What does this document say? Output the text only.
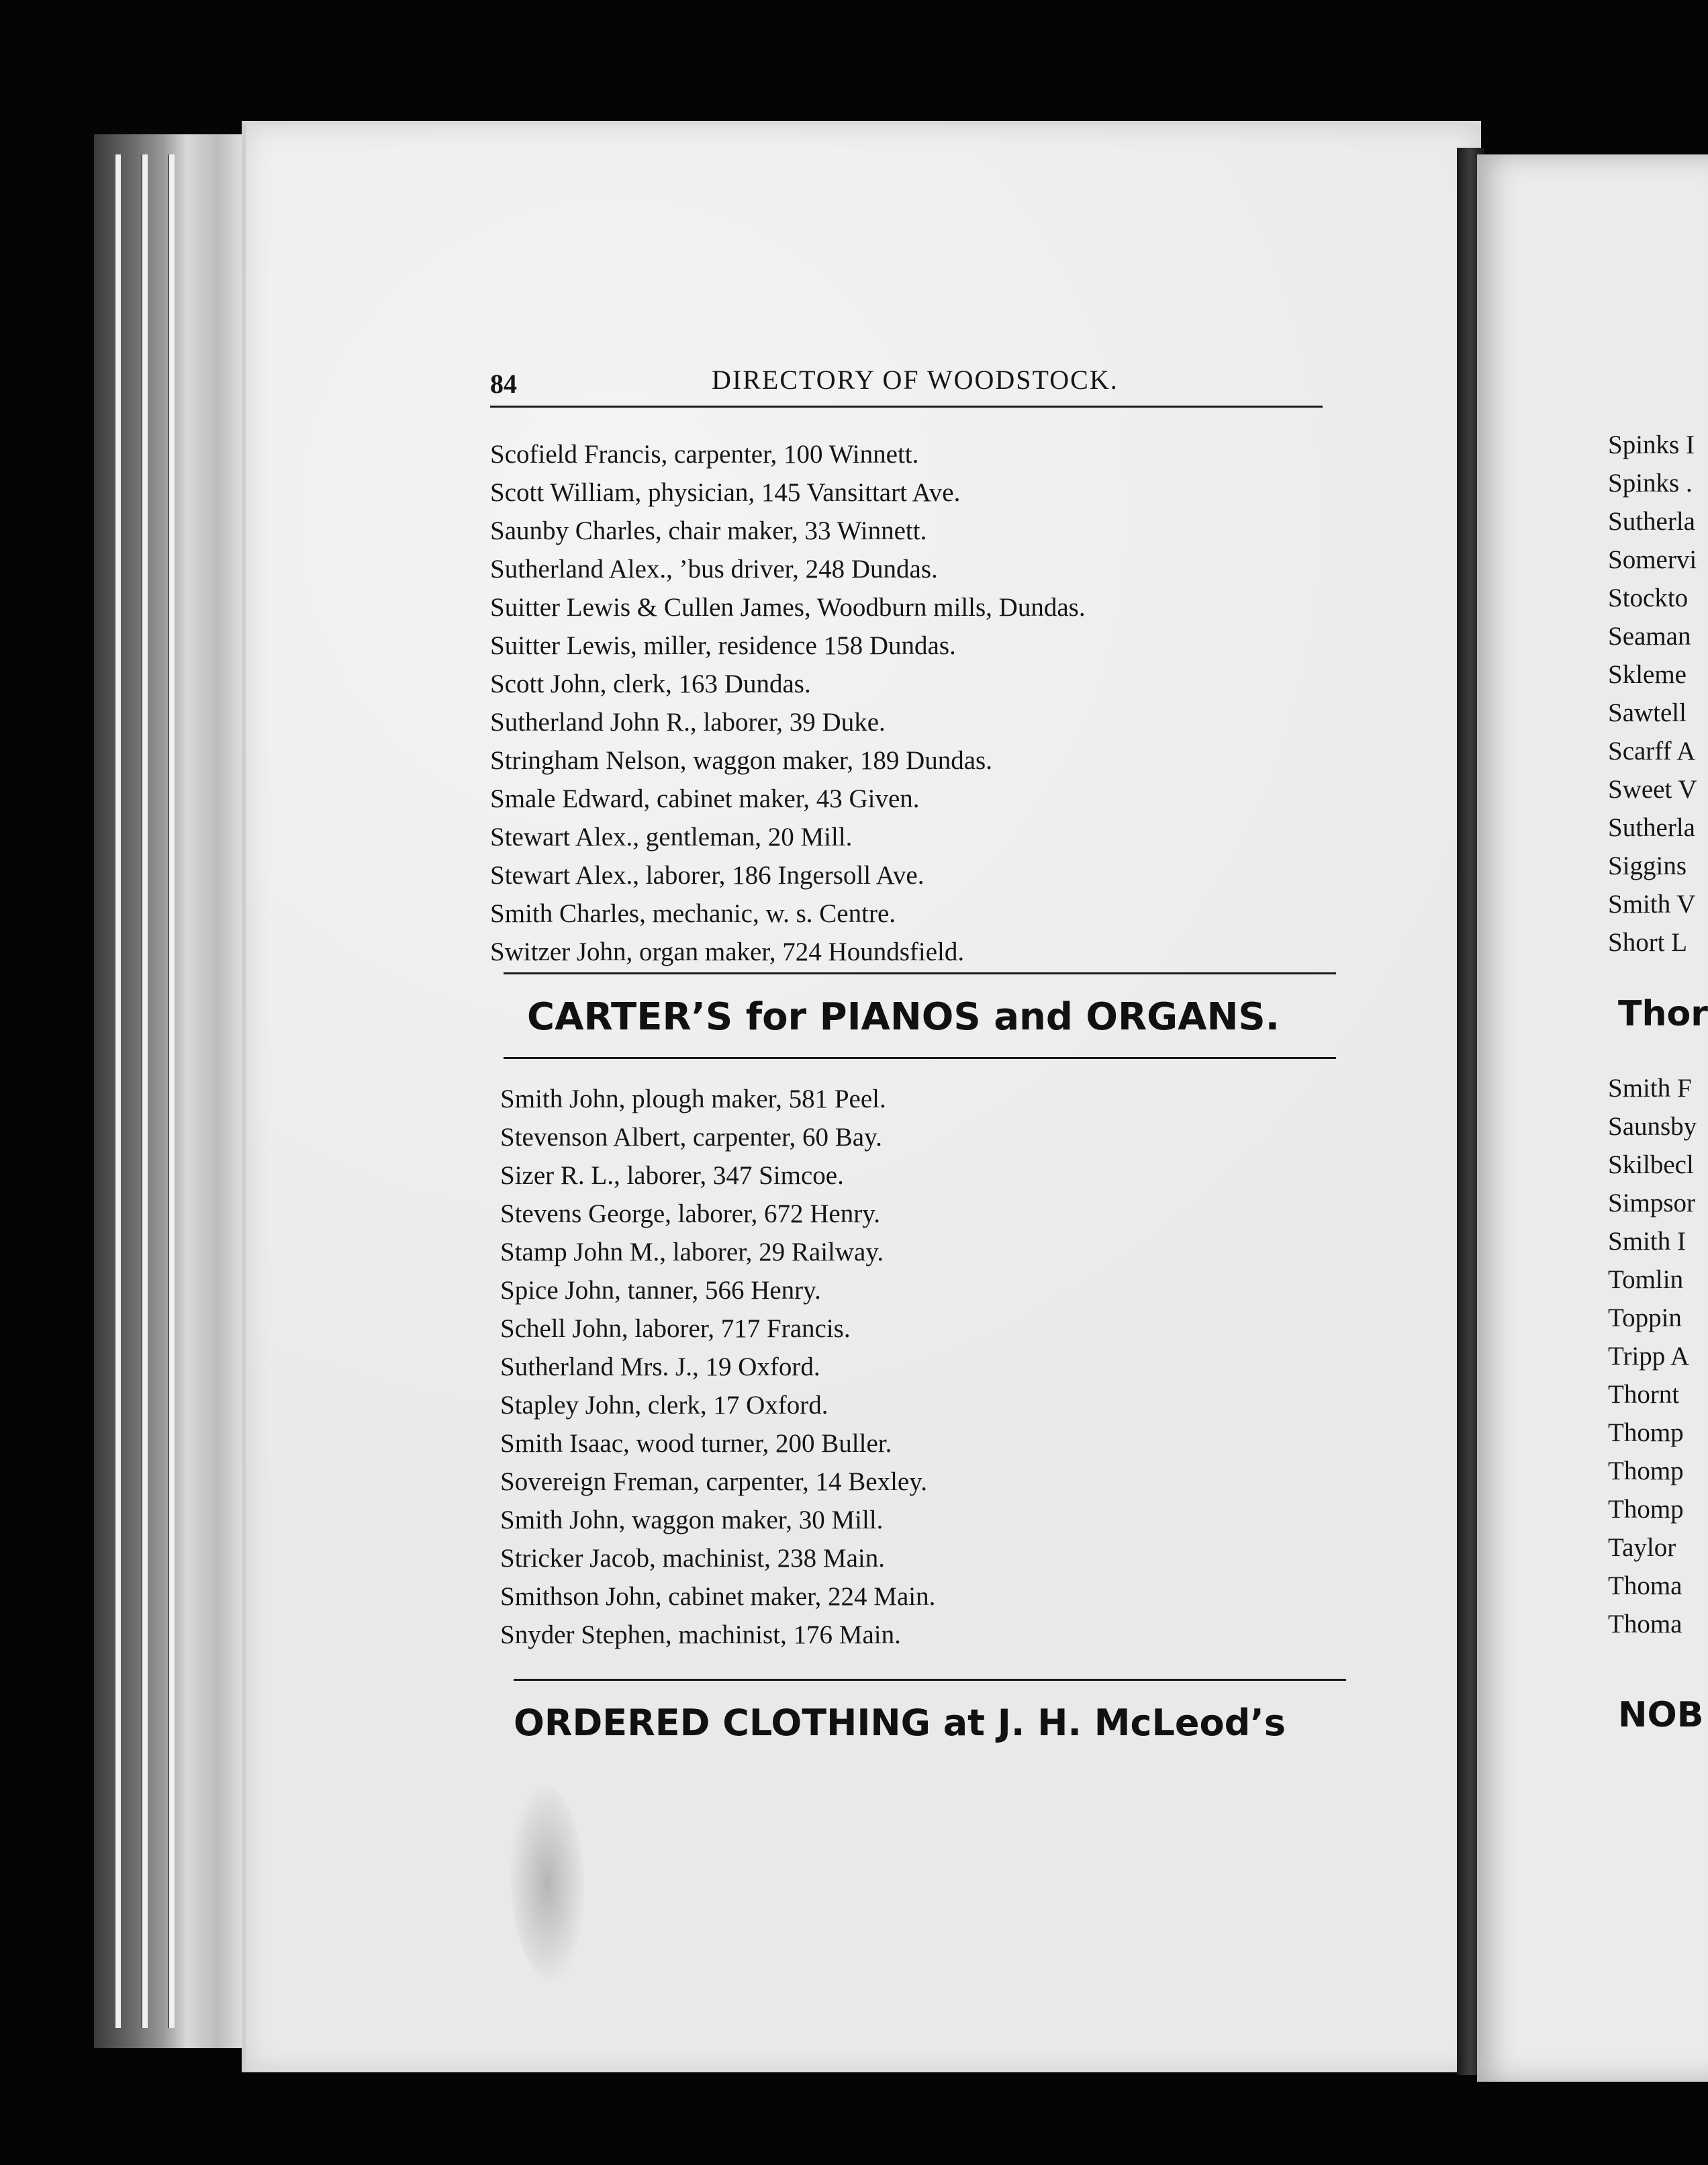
84	DIRECTORY OF WOODSTOCK.
Scofield Francis, carpenter, 100 Winnett.
Scott William, physician, 145 Vansittart Ave.
Saunby Charles, chair maker, 33 Winnett.
Sutherland Alex., ’bus driver, 248 Dundas.
Suitter Lewis & Cullen James, Woodburn mills, Dundas.
Suitter Lewis, miller, residence 158 Dundas.
Scott John, clerk, 163 Dundas.
Sutherland John R., laborer, 39 Duke.
Stringham Nelson, waggon maker, 189 Dundas.
Smale Edward, cabinet maker, 43 Given.
Stewart Alex., gentleman, 20 Mill.
Stewart Alex., laborer, 186 Ingersoll Ave.
Smith Charles, mechanic, w. s. Centre.
Switzer John, organ maker, 724 Houndsfield.
CARTER’S for PIANOS and ORGANS.
Smith John, plough maker, 581 Peel.
Stevenson Albert, carpenter, 60 Bay.
Sizer R. L., laborer, 347 Simcoe.
Stevens George, laborer, 672 Henry.
Stamp John M., laborer, 29 Railway.
Spice John, tanner, 566 Henry.
Schell John, laborer, 717 Francis.
Sutherland Mrs. J., 19 Oxford.
Stapley John, clerk, 17 Oxford.
Smith Isaac, wood turner, 200 Buller.
Sovereign Freman, carpenter, 14 Bexley.
Smith John, waggon maker, 30 Mill.
Stricker Jacob, machinist, 238 Main.
Smithson John, cabinet maker, 224 Main.
Snyder Stephen, machinist, 176 Main.
ORDERED CLOTHING at J. H. McLeod’s
Spinks I
Spinks .
Sutherla
Somervi
Stockto
Seaman
Skleme
Sawtell
Scarff A
Sweet V
Sutherla
Siggins
Smith V
Short L
Thor
Smith F
Saunsby
Skilbecl
Simpsor
Smith I
Tomlin
Toppin
Tripp A
Thornt
Thomp
Thomp
Thomp
Taylor
Thoma
Thoma
NOB
